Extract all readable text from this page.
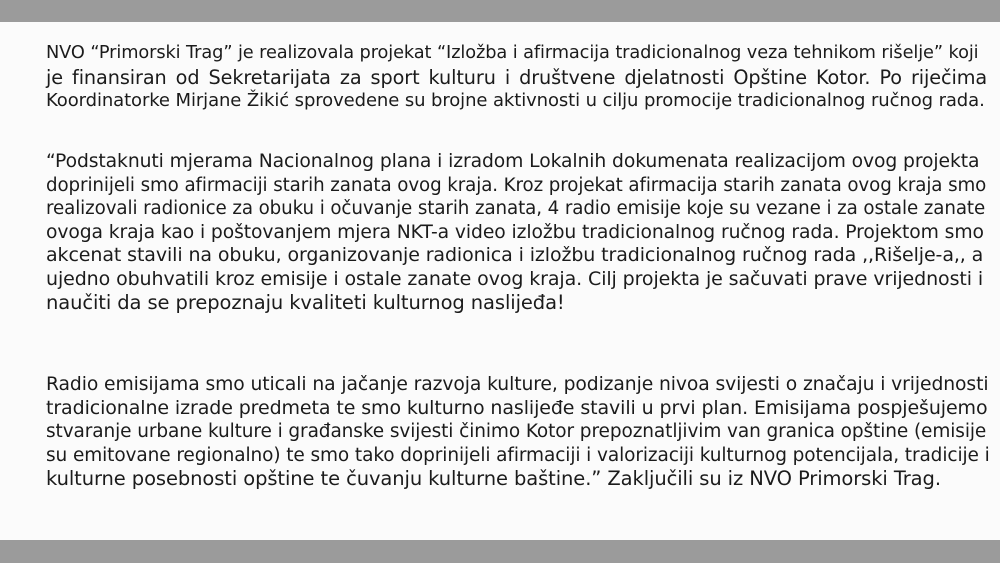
NVO “Primorski Trag” je realizovala projekat “Izložba i afirmacija tradicionalnog veza tehnikom rišelje” koji
je finansiran od Sekretarijata za sport kulturu i društvene djelatnosti Opštine Kotor. Po riječima
Koordinatorke Mirjane Žikić sprovedene su brojne aktivnosti u cilju promocije tradicionalnog ručnog rada.

“Podstaknuti mjerama Nacionalnog plana i izradom Lokalnih dokumenata realizacijom ovog projekta
doprinijeli smo afirmaciji starih zanata ovog kraja. Kroz projekat afirmacija starih zanata ovog kraja smo
realizovali radionice za obuku i očuvanje starih zanata, 4 radio emisije koje su vezane i za ostale zanate
ovoga kraja kao i poštovanjem mjera NKT-a video izložbu tradicionalnog ručnog rada. Projektom smo
akcenat stavili na obuku, organizovanje radionica i izložbu tradicionalnog ručnog rada ,,Rišelje-a,, a
ujedno obuhvatili kroz emisije i ostale zanate ovog kraja. Cilj projekta je sačuvati prave vrijednosti i
naučiti da se prepoznaju kvaliteti kulturnog naslijeđa!

Radio emisijama smo uticali na jačanje razvoja kulture, podizanje nivoa svijesti o značaju i vrijednosti
tradicionalne izrade predmeta te smo kulturno naslijeđe stavili u prvi plan. Emisijama pospješujemo
stvaranje urbane kulture i građanske svijesti činimo Kotor prepoznatljivim van granica opštine (emisije
su emitovane regionalno) te smo tako doprinijeli afirmaciji i valorizaciji kulturnog potencijala, tradicije i
kulturne posebnosti opštine te čuvanju kulturne baštine.” Zaključili su iz NVO Primorski Trag.
